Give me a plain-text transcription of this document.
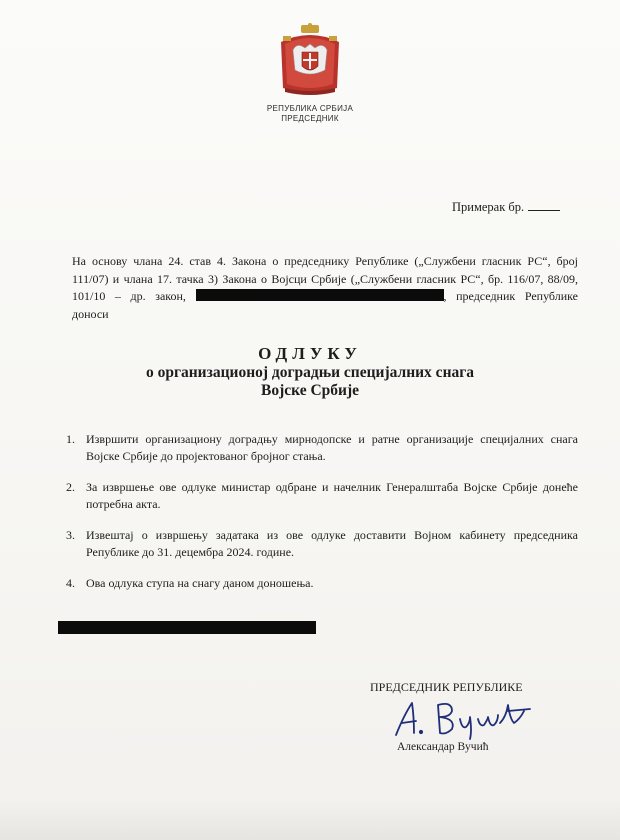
РЕПУБЛИКА СРБИЈА
ПРЕДСЕДНИК
Примерак бр.
На основу члана 24. став 4. Закона о председнику Републике („Службени гласник РС“, број 111/07) и члана 17. тачка 3) Закона о Војсци Србије („Службени гласник РС“, бр. 116/07, 88/09, 101/10 – др. закон,	, председник Републике доноси
ОДЛУКУ
о организационој доградњи специјалних снага
Војске Србије
1. Извршити организациону доградњу мирнодопске и ратне организације специјалних снага Војске Србије до пројектованог бројног стања.
2. За извршење ове одлуке министар одбране и начелник Генералштаба Војске Србије донеће потребна акта.
3. Извештај о извршењу задатака из ове одлуке доставити Војном кабинету председника Републике до 31. децембра 2024. године.
4. Ова одлука ступа на снагу даном доношења.
ПРЕДСЕДНИК РЕПУБЛИКЕ
Александар Вучић
